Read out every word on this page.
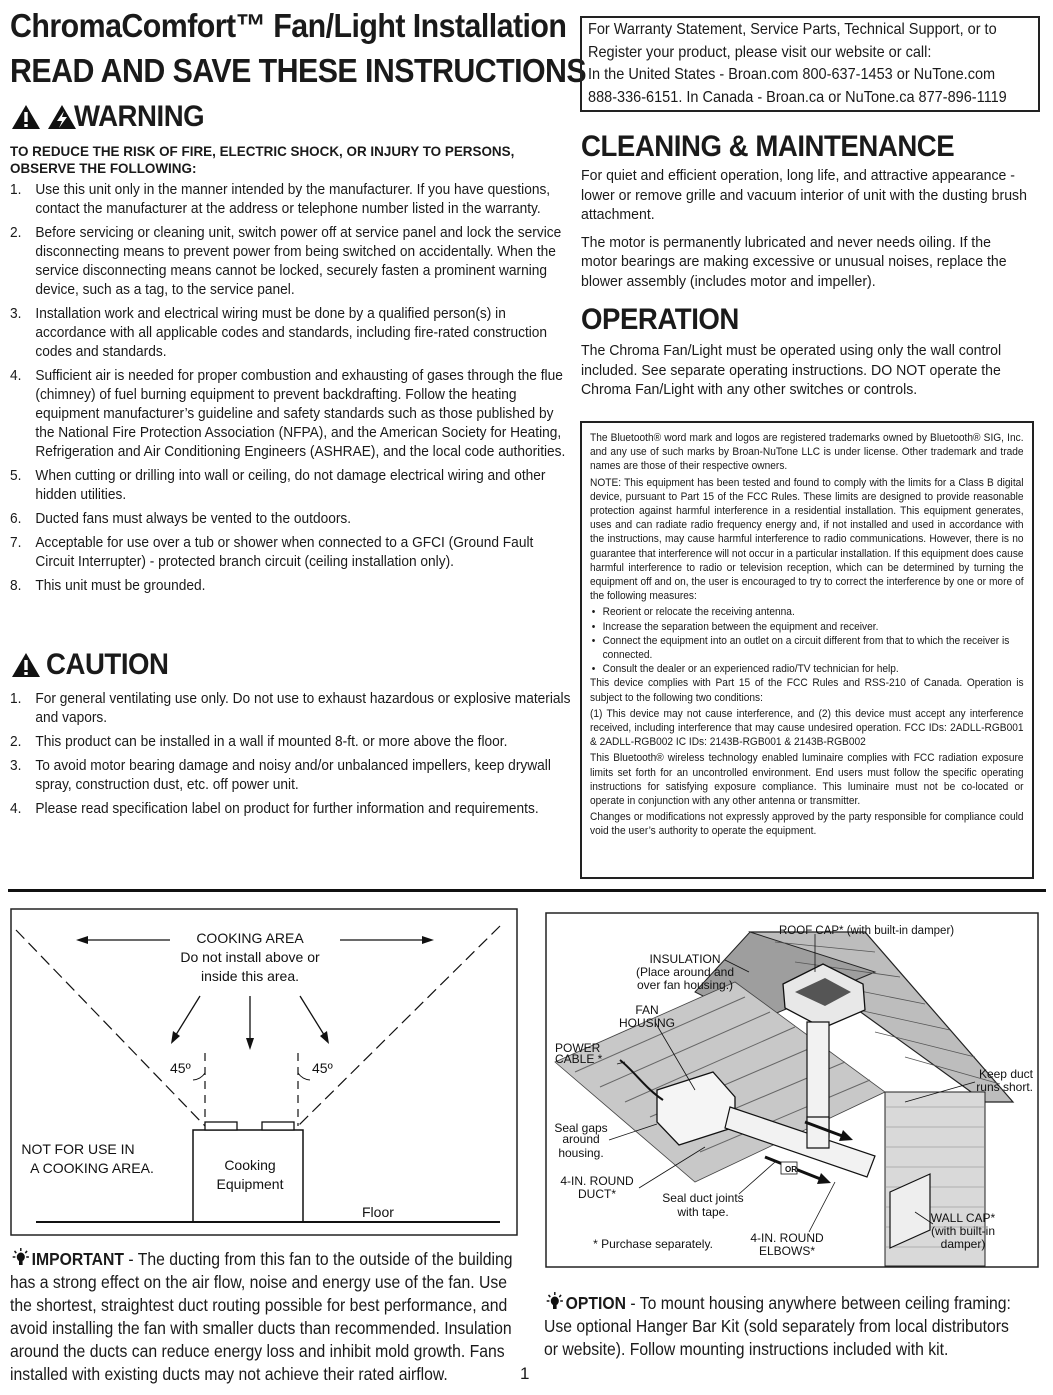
ChromaComfort™ Fan/Light Installation
READ AND SAVE THESE INSTRUCTIONS
WARNING
TO REDUCE THE RISK OF FIRE, ELECTRIC SHOCK, OR INJURY TO PERSONS, OBSERVE THE FOLLOWING:
1. Use this unit only in the manner intended by the manufacturer. If you have questions, contact the manufacturer at the address or telephone number listed in the warranty.
2. Before servicing or cleaning unit, switch power off at service panel and lock the service disconnecting means to prevent power from being switched on accidentally. When the service disconnecting means cannot be locked, securely fasten a prominent warning device, such as a tag, to the service panel.
3. Installation work and electrical wiring must be done by a qualified person(s) in accordance with all applicable codes and standards, including fire-rated construction codes and standards.
4. Sufficient air is needed for proper combustion and exhausting of gases through the flue (chimney) of fuel burning equipment to prevent backdrafting. Follow the heating equipment manufacturer’s guideline and safety standards such as those published by the National Fire Protection Association (NFPA), and the American Society for Heating, Refrigeration and Air Conditioning Engineers (ASHRAE), and the local code authorities.
5. When cutting or drilling into wall or ceiling, do not damage electrical wiring and other hidden utilities.
6. Ducted fans must always be vented to the outdoors.
7. Acceptable for use over a tub or shower when connected to a GFCI (Ground Fault Circuit Interrupter) - protected branch circuit (ceiling installation only).
8. This unit must be grounded.
CAUTION
1. For general ventilating use only. Do not use to exhaust hazardous or explosive materials and vapors.
2. This product can be installed in a wall if mounted 8-ft. or more above the floor.
3. To avoid motor bearing damage and noisy and/or unbalanced impellers, keep drywall spray, construction dust, etc. off power unit.
4. Please read specification label on product for further information and requirements.
For Warranty Statement, Service Parts, Technical Support, or to
Register your product, please visit our website or call:
In the United States - Broan.com 800-637-1453 or NuTone.com
888-336-6151. In Canada - Broan.ca or NuTone.ca 877-896-1119
CLEANING & MAINTENANCE

For quiet and efficient operation, long life, and attractive appearance - lower or remove grille and vacuum interior of unit with the dusting brush attachment.

The motor is permanently lubricated and never needs oiling. If the motor bearings are making excessive or unusual noises, replace the blower assembly (includes motor and impeller).

OPERATION

The Chroma Fan/Light must be operated using only the wall control included. See separate operating instructions. DO NOT operate the Chroma Fan/Light with any other switches or controls.

The Bluetooth® word mark and logos are registered trademarks owned by Bluetooth® SIG, Inc. and any use of such marks by Broan-NuTone LLC is under license. Other trademark and trade names are those of their respective owners.

NOTE: This equipment has been tested and found to comply with the limits for a Class B digital device, pursuant to Part 15 of the FCC Rules. These limits are designed to provide reasonable protection against harmful interference in a residential installation. This equipment generates, uses and can radiate radio frequency energy and, if not installed and used in accordance with the instructions, may cause harmful interference to radio communications. However, there is no guarantee that interference will not occur in a particular installation. If this equipment does cause harmful interference to radio or television reception, which can be determined by turning the equipment off and on, the user is encouraged to try to correct the interference by one or more of the following measures:

• Reorient or relocate the receiving antenna.
• Increase the separation between the equipment and receiver.
• Connect the equipment into an outlet on a circuit different from that to which the receiver is connected.
• Consult the dealer or an experienced radio/TV technician for help.

This device complies with Part 15 of the FCC Rules and RSS-210 of Canada. Operation is subject to the following two conditions:

(1) This device may not cause interference, and (2) this device must accept any interference received, including interference that may cause undesired operation. FCC IDs: 2ADLL-RGB001 & 2ADLL-RGB002 IC IDs: 2143B-RGB001 & 2143B-RGB002

This Bluetooth® wireless technology enabled luminaire complies with FCC radiation exposure limits set forth for an uncontrolled environment. End users must follow the specific operating instructions for satisfying exposure compliance. This luminaire must not be co-located or operate in conjunction with any other antenna or transmitter.

Changes or modifications not expressly approved by the party responsible for compliance could void the user’s authority to operate the equipment.

COOKING AREA
Do not install above or
inside this area.
45º	45º
Cooking
Equipment
NOT FOR USE IN
A COOKING AREA.
Floor
OR
ROOF CAP* (with built-in damper)
INSULATION
(Place around and
over fan housing.)
FAN
HOUSING
POWER
CABLE *
Keep duct
runs short.
Seal gaps
around
housing.
4-IN. ROUND
DUCT*	Seal duct joints
with tape.
* Purchase separately.	4-IN. ROUND
ELBOWS*
WALL CAP*
(with built-in
damper)
IMPORTANT - The ducting from this fan to the outside of the building
has a strong effect on the air flow, noise and energy use of the fan. Use
the shortest, straightest duct routing possible for best performance, and
avoid installing the fan with smaller ducts than recommended. Insulation
around the ducts can reduce energy loss and inhibit mold growth. Fans
installed with existing ducts may not achieve their rated airflow.	1
OPTION - To mount housing anywhere between ceiling framing:
Use optional Hanger Bar Kit (sold separately from local distributors
or website). Follow mounting instructions included with kit.
